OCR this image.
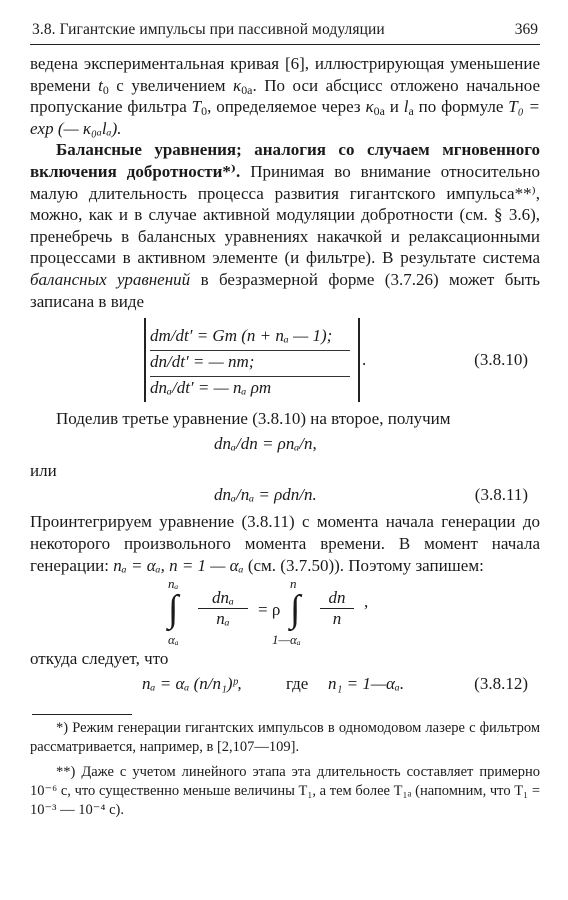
3.8. Гигантские импульсы при пассивной модуляции	369

ведена экспериментальная кривая [6], иллюстрирующая уменьшение времени $t_0$ с увеличением $\kappa_{0a}$. По оси абсцисс отложено начальное пропускание фильтра $T_0$, определяемое через $\kappa_{0a}$ и $l_a$ по формуле T₀ = exp (— κ₀ₐlₐ).

Балансные уравнения; аналогия со случаем мгновенного включения добротности*⁾. Принимая во внимание относительно малую длительность процесса развития гигантского импульса**⁾, можно, как и в случае активной модуляции добротности (см. § 3.6), пренебречь в балансных уравнениях накачкой и релаксационными процессами в активном элементе (и фильтре). В результате система балансных уравнений в безразмерной форме (3.7.26) может быть записана в виде

dm/dt′ = Gm (n + nₐ — 1);
dn/dt′ = — nm;
dnₐ/dt′ = — nₐ ρm
.	(3.8.10)

Поделив третье уравнение (3.8.10) на второе, получим

dnₐ/dn = ρnₐ/n,

или

dnₐ/nₐ = ρdn/n.	(3.8.11)

Проинтегрируем уравнение (3.8.11) с момента начала генерации до некоторого произвольного момента времени. В момент начала генерации: nₐ = αₐ, n = 1 — αₐ (см. (3.7.50)). Поэтому запишем:

nₐ
∫
αₐ
dnₐ
nₐ	= ρ
n
∫
1—αₐ
dn
n
,

откуда следует, что

nₐ = αₐ (n/n₁)ᵖ,	где n₁ = 1—αₐ.	(3.8.12)

*) Режим генерации гигантских импульсов в одномодовом лазере с фильтром рассматривается, например, в [2,107—109].

**) Даже с учетом линейного этапа эта длительность составляет примерно 10⁻⁶ с, что существенно меньше величины T₁, а тем более T₁ₐ (напомним, что T₁ = 10⁻³ — 10⁻⁴ с).
